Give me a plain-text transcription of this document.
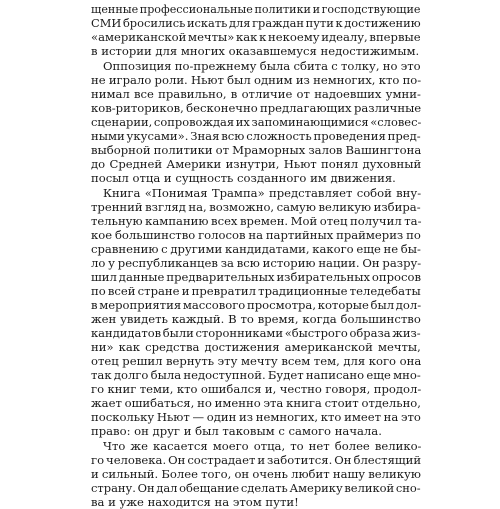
щенные профессиональные политики и господствующие
СМИ бросились искать для граждан пути к достижению
«американской мечты» как к некоему идеалу, впервые
в истории для многих оказавшемуся недостижимым.
Оппозиция по-прежнему была сбита с толку, но это
не играло роли. Ньют был одним из немногих, кто по-
нимал все правильно, в отличие от надоевших умни-
ков-риториков, бесконечно предлагающих различные
сценарии, сопровождая их запоминающимися «словес-
ными укусами». Зная всю сложность проведения пред-
выборной политики от Мраморных залов Вашингтона
до Средней Америки изнутри, Ньют понял духовный
посыл отца и сущность созданного им движения.
Книга «Понимая Трампа» представляет собой вну-
тренний взгляд на, возможно, самую великую избира-
тельную кампанию всех времен. Мой отец получил та-
кое большинство голосов на партийных праймериз по
сравнению с другими кандидатами, какого еще не бы-
ло у республиканцев за всю историю нации. Он разру-
шил данные предварительных избирательных опросов
по всей стране и превратил традиционные теледебаты
в мероприятия массового просмотра, которые был дол-
жен увидеть каждый. В то время, когда большинство
кандидатов были сторонниками «быстрого образа жиз-
ни» как средства достижения американской мечты,
отец решил вернуть эту мечту всем тем, для кого она
так долго была недоступной. Будет написано еще мно-
го книг теми, кто ошибался и, честно говоря, продол-
жает ошибаться, но именно эта книга стоит отдельно,
поскольку Ньют — один из немногих, кто имеет на это
право: он друг и был таковым с самого начала.
Что же касается моего отца, то нет более велико-
го человека. Он сострадает и заботится. Он блестящий
и сильный. Более того, он очень любит нашу великую
страну. Он дал обещание сделать Америку великой сно-
ва и уже находится на этом пути!
